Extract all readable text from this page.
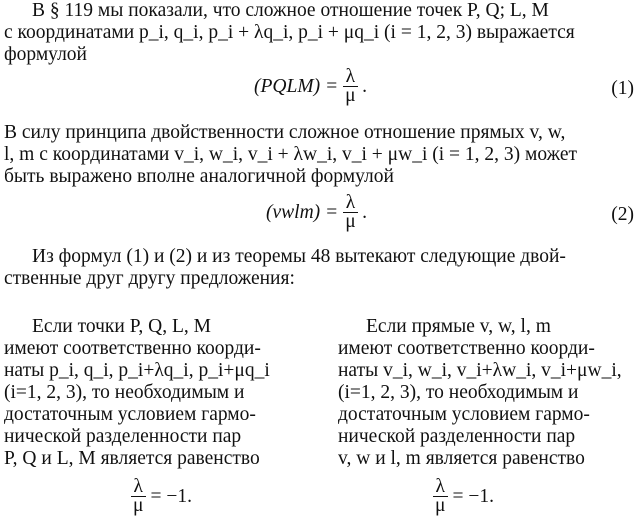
В § 119 мы показали, что сложное отношение точек P, Q; L, M
с координатами p_i, q_i, p_i + λq_i, p_i + μq_i (i = 1, 2, 3) выражается
формулой

(PQLM) = $\frac{\lambda}{\mu}$ .	(1)

В силу принципа двойственности сложное отношение прямых v, w,
l, m с координатами v_i, w_i, v_i + λw_i, v_i + μw_i (i = 1, 2, 3) может
быть выражено вполне аналогичной формулой

(vwlm) = $\frac{\lambda}{\mu}$ .	(2)

Из формул (1) и (2) и из теоремы 48 вытекают следующие двой-
ственные друг другу предложения:

Если точки P, Q, L, M
имеют соответственно коорди-
наты p_i, q_i, p_i+λq_i, p_i+μq_i
(i=1, 2, 3), то необходимым и
достаточным условием гармо-
нической разделенности пар
P, Q и L, M является равенство
$\frac{\lambda}{\mu} = -1$.
Если прямые v, w, l, m
имеют соответственно коорди-
наты v_i, w_i, v_i+λw_i, v_i+μw_i,
(i=1, 2, 3), то необходимым и
достаточным условием гармо-
нической разделенности пар
v, w и l, m является равенство
$\frac{\lambda}{\mu} = -1$.
